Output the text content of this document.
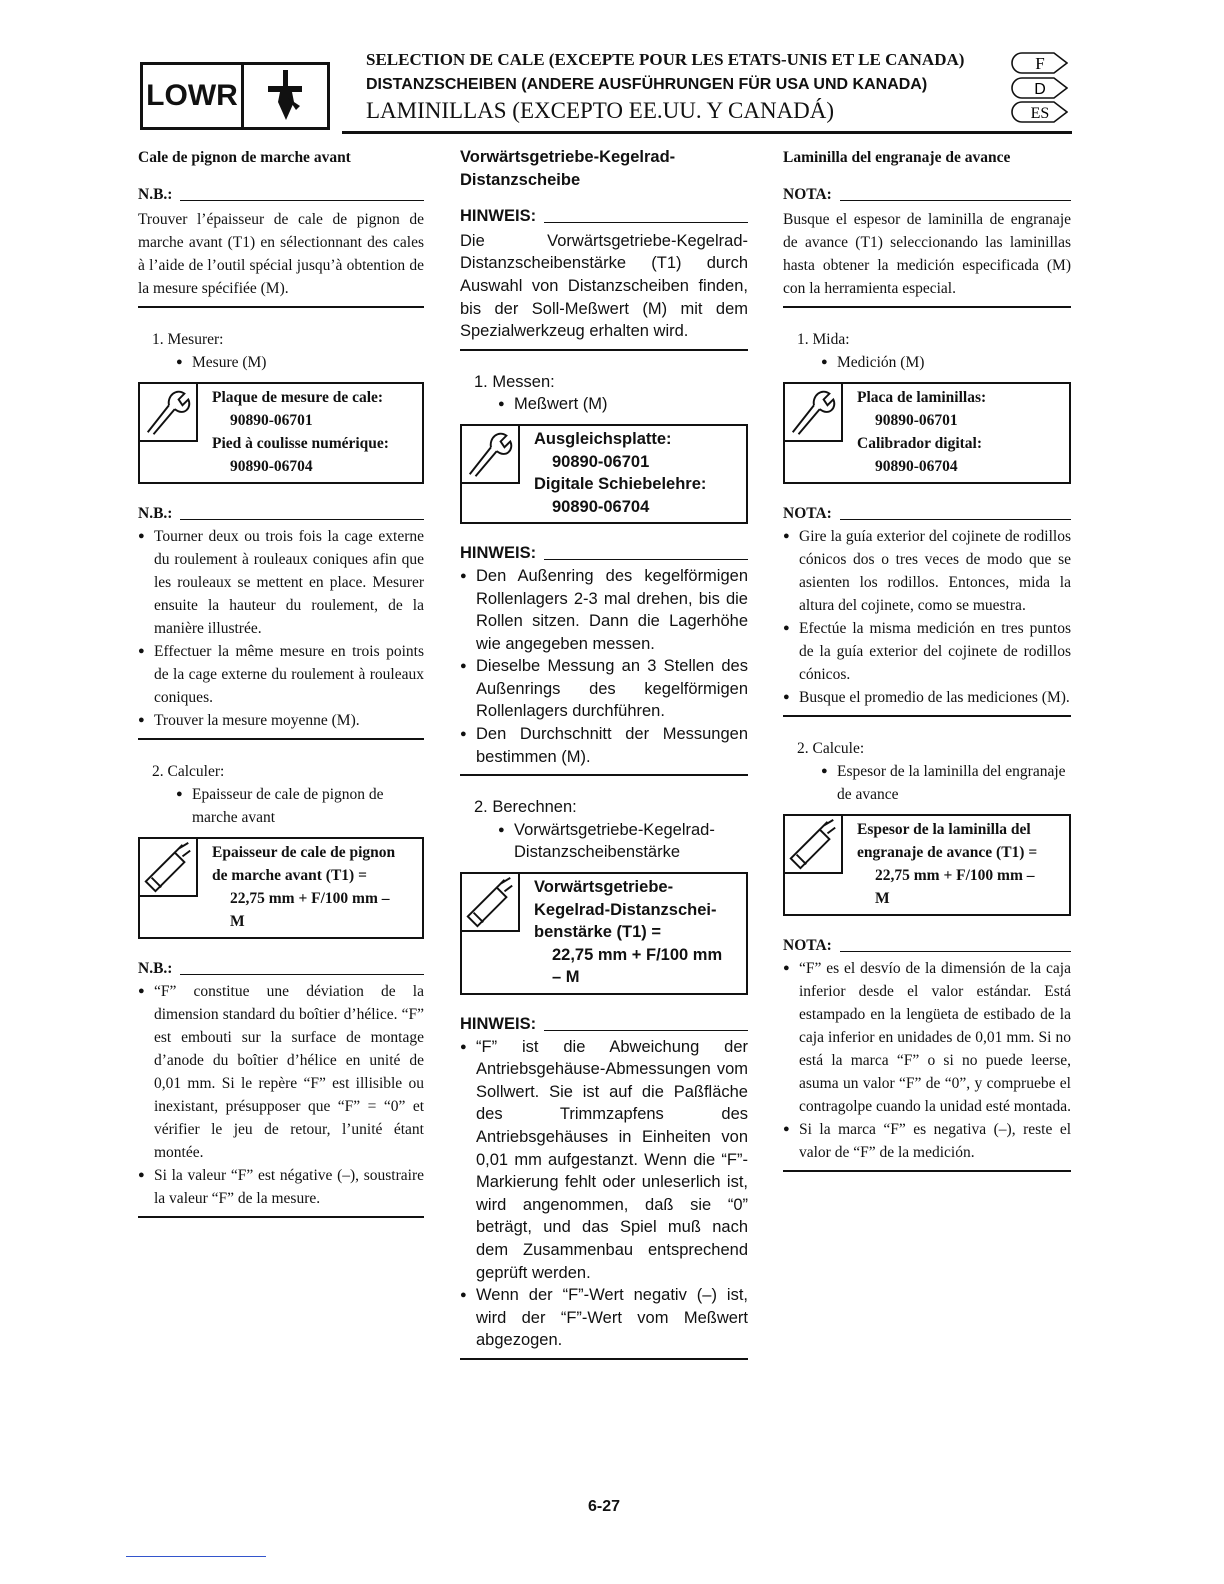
LOWR
SELECTION DE CALE (EXCEPTE POUR LES ETATS-UNIS ET LE CANADA)
DISTANZSCHEIBEN (ANDERE AUSFÜHRUNGEN FÜR USA UND KANADA)
LAMINILLAS (EXCEPTO EE.UU. Y CANADÁ)
F
D
ES
Cale de pignon de marche avant
N.B.:
Trouver l’épaisseur de cale de pignon de marche avant (T1) en sélectionnant des cales à l’aide de l’outil spécial jusqu’à obtention de la mesure spécifiée (M).
1. Mesurer:
● Mesure (M)
Plaque de mesure de cale:
90890-06701
Pied à coulisse numérique:
90890-06704
N.B.:
● Tourner deux ou trois fois la cage externe du roulement à rouleaux coniques afin que les rouleaux se mettent en place. Mesurer ensuite la hauteur du roulement, de la manière illustrée.
● Effectuer la même mesure en trois points de la cage externe du roulement à rouleaux coniques.
● Trouver la mesure moyenne (M).
2. Calculer:
● Epaisseur de cale de pignon de marche avant
Epaisseur de cale de pignon
de marche avant (T1) =
22,75 mm + F/100 mm –
M
N.B.:
● “F” constitue une déviation de la dimension standard du boîtier d’hélice. “F” est embouti sur la surface de montage d’anode du boîtier d’hélice en unité de 0,01 mm. Si le repère “F” est illisible ou inexistant, présupposer que “F” = “0” et vérifier le jeu de retour, l’unité étant montée.
● Si la valeur “F” est négative (–), soustraire la valeur “F” de la mesure.
Vorwärtsgetriebe-Kegelrad-Distanzscheibe
HINWEIS:
Die Vorwärtsgetriebe-Kegelrad-Distanzscheibenstärke (T1) durch Auswahl von Distanzscheiben finden, bis der Soll-Meßwert (M) mit dem Spezialwerkzeug erhalten wird.
1. Messen:
● Meßwert (M)
Ausgleichsplatte:
90890-06701
Digitale Schiebelehre:
90890-06704
HINWEIS:
● Den Außenring des kegelförmigen Rollenlagers 2-3 mal drehen, bis die Rollen sitzen. Dann die Lagerhöhe wie angegeben messen.
● Dieselbe Messung an 3 Stellen des Außenrings des kegelförmigen Rollenlagers durchführen.
● Den Durchschnitt der Messungen bestimmen (M).
2. Berechnen:
● Vorwärtsgetriebe-Kegelrad-Distanzscheibenstärke
Vorwärtsgetriebe-
Kegelrad-Distanzschei-
benstärke (T1) =
22,75 mm + F/100 mm
– M
HINWEIS:
● “F” ist die Abweichung der Antriebsgehäuse-Abmessungen vom Sollwert. Sie ist auf die Paßfläche des Trimmzapfens des Antriebsgehäuses in Einheiten von 0,01 mm aufgestanzt. Wenn die “F”-Markierung fehlt oder unleserlich ist, wird angenommen, daß sie “0” beträgt, und das Spiel muß nach dem Zusammenbau entsprechend geprüft werden.
● Wenn der “F”-Wert negativ (–) ist, wird der “F”-Wert vom Meßwert abgezogen.
Laminilla del engranaje de avance
NOTA:
Busque el espesor de laminilla de engranaje de avance (T1) seleccionando las laminillas hasta obtener la medición especificada (M) con la herramienta especial.
1. Mida:
● Medición (M)
Placa de laminillas:
90890-06701
Calibrador digital:
90890-06704
NOTA:
● Gire la guía exterior del cojinete de rodillos cónicos dos o tres veces de modo que se asienten los rodillos. Entonces, mida la altura del cojinete, como se muestra.
● Efectúe la misma medición en tres puntos de la guía exterior del cojinete de rodillos cónicos.
● Busque el promedio de las mediciones (M).
2. Calcule:
● Espesor de la laminilla del engranaje de avance
Espesor de la laminilla del
engranaje de avance (T1) =
22,75 mm + F/100 mm –
M
NOTA:
● “F” es el desvío de la dimensión de la caja inferior desde el valor estándar. Está estampado en la lengüeta de estibado de la caja inferior en unidades de 0,01 mm. Si no está la marca “F” o si no puede leerse, asuma un valor “F” de “0”, y compruebe el contragolpe cuando la unidad esté montada.
● Si la marca “F” es negativa (–), reste el valor de “F” de la medición.
6-27
